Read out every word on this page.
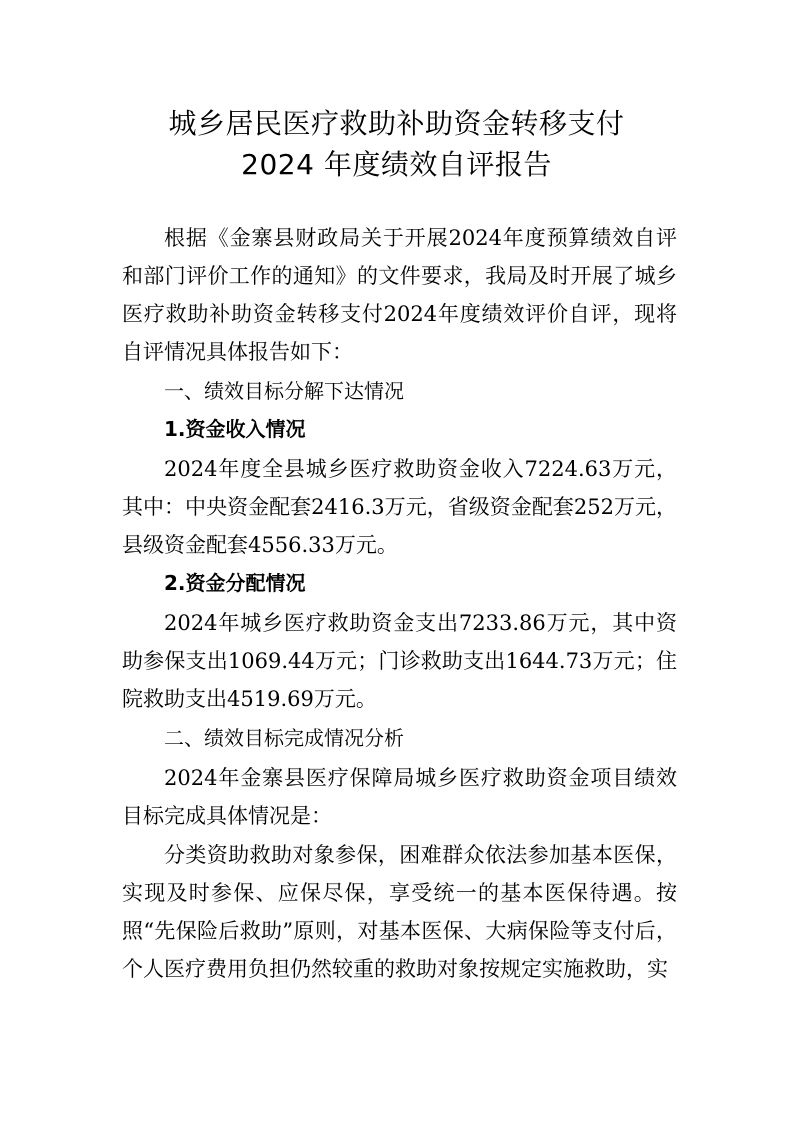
城乡居民医疗救助补助资金转移支付
2024 年度绩效自评报告

根据《金寨县财政局关于开展2024年度预算绩效自评和部门评价工作的通知》的文件要求，我局及时开展了城乡医疗救助补助资金转移支付2024年度绩效评价自评，现将自评情况具体报告如下：

一、绩效目标分解下达情况

1.资金收入情况

2024年度全县城乡医疗救助资金收入7224.63万元，其中：中央资金配套2416.3万元，省级资金配套252万元，县级资金配套4556.33万元。

2.资金分配情况

2024年城乡医疗救助资金支出7233.86万元，其中资助参保支出1069.44万元；门诊救助支出1644.73万元；住院救助支出4519.69万元。

二、绩效目标完成情况分析

2024年金寨县医疗保障局城乡医疗救助资金项目绩效目标完成具体情况是：

分类资助救助对象参保，困难群众依法参加基本医保，实现及时参保、应保尽保，享受统一的基本医保待遇。按照“先保险后救助”原则，对基本医保、大病保险等支付后，个人医疗费用负担仍然较重的救助对象按规定实施救助，实
